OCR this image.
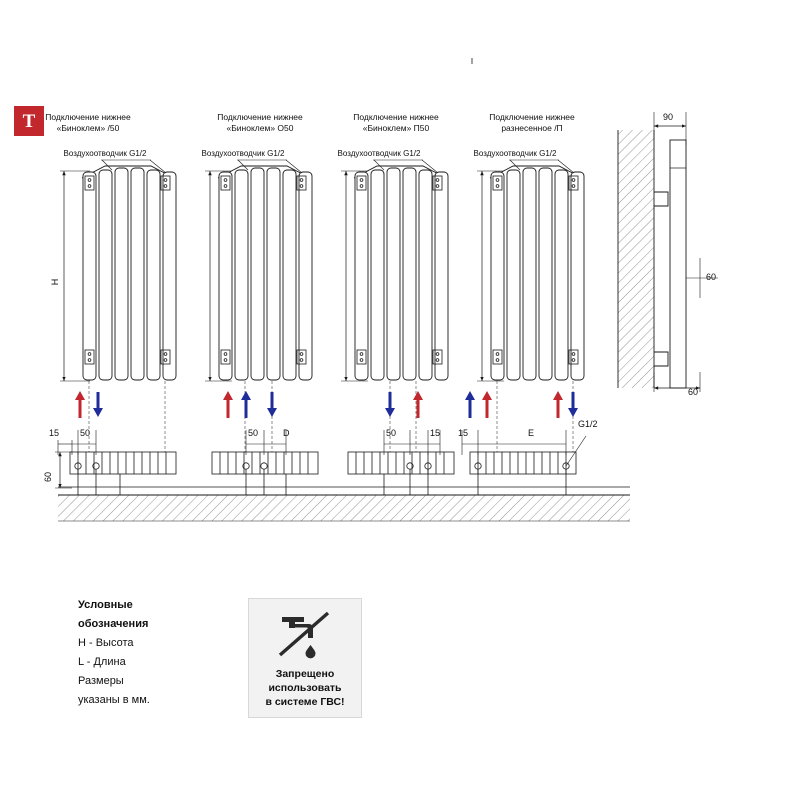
T	Подключение нижнее
«Биноклем» /50
Подключение нижнее
«Биноклем» О50
Подключение нижнее
«Биноклем» П50
Подключение нижнее
разнесенное /П
Воздухоотводчик G1/2	Воздухоотводчик G1/2	Воздухоотводчик G1/2	Воздухоотводчик G1/2
H
15 50	50	D	50	15 15	E
G1/2
60
90
60
60
Условные
обозначения
H - Высота
L - Длина
Размеры
указаны в мм.
Запрещено
использовать
в системе ГВС!
